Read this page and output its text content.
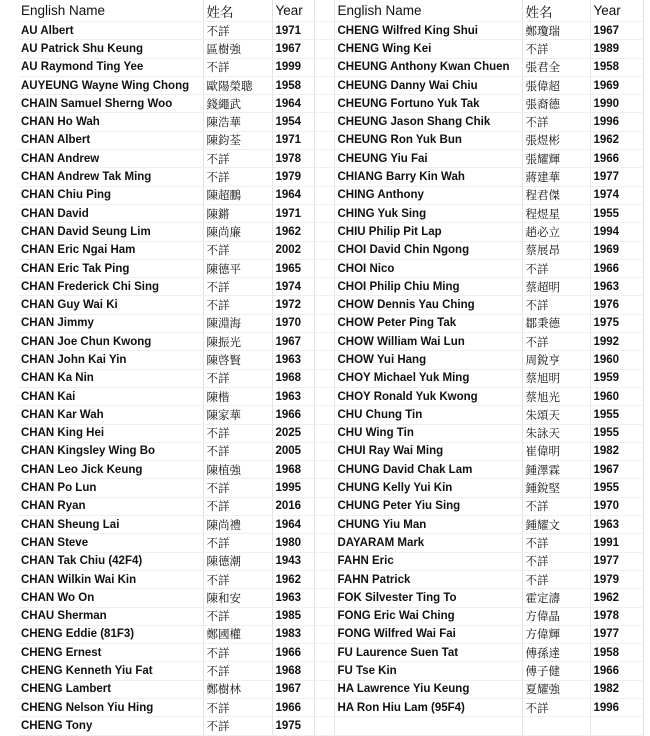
English Name	姓名	Year		English Name	姓名	Year
AU Albert	不詳	1971		CHENG Wilfred King Shui	鄭瓊瑞	1967
AU Patrick Shu Keung	區樹強	1967		CHENG Wing Kei	不詳	1989
AU Raymond Ting Yee	不詳	1999		CHEUNG Anthony Kwan Chuen	張君全	1958
AUYEUNG Wayne Wing Chong	歐陽榮聰	1958		CHEUNG Danny Wai Chiu	張偉超	1969
CHAIN Samuel Sherng Woo	錢繩武	1964		CHEUNG Fortuno Yuk Tak	張裔德	1990
CHAN Ho Wah	陳浩華	1954		CHEUNG Jason Shang Chik	不詳	1996
CHAN Albert	陳鈞荃	1971		CHEUNG Ron Yuk Bun	張煜彬	1962
CHAN Andrew	不詳	1978		CHEUNG Yiu Fai	張耀輝	1966
CHAN Andrew Tak Ming	不詳	1979		CHIANG Barry Kin Wah	蔣建華	1977
CHAN Chiu Ping	陳超鵬	1964		CHING Anthony	程君傑	1974
CHAN David	陳鏘	1971		CHING Yuk Sing	程煜星	1955
CHAN David Seung Lim	陳尚廉	1962		CHIU Philip Pit Lap	趙必立	1994
CHAN Eric Ngai Ham	不詳	2002		CHOI David Chin Ngong	蔡展昂	1969
CHAN Eric Tak Ping	陳德平	1965		CHOI Nico	不詳	1966
CHAN Frederick Chi Sing	不詳	1974		CHOI Philip Chiu Ming	蔡超明	1963
CHAN Guy Wai Ki	不詳	1972		CHOW Dennis Yau Ching	不詳	1976
CHAN Jimmy	陳淵海	1970		CHOW Peter Ping Tak	鄒秉德	1975
CHAN Joe Chun Kwong	陳振光	1967		CHOW William Wai Lun	不詳	1992
CHAN John Kai Yin	陳啓賢	1963		CHOW Yui Hang	周銳亨	1960
CHAN Ka Nin	不詳	1968		CHOY Michael Yuk Ming	蔡旭明	1959
CHAN Kai	陳楷	1963		CHOY Ronald Yuk Kwong	蔡旭光	1960
CHAN Kar Wah	陳家華	1966		CHU Chung Tin	朱頌天	1955
CHAN King Hei	不詳	2025		CHU Wing Tin	朱詠天	1955
CHAN Kingsley Wing Bo	不詳	2005		CHUI Ray Wai Ming	崔偉明	1982
CHAN Leo Jick Keung	陳植強	1968		CHUNG David Chak Lam	鍾澤霖	1967
CHAN Po Lun	不詳	1995		CHUNG Kelly Yui Kin	鍾銳堅	1955
CHAN Ryan	不詳	2016		CHUNG Peter Yiu Sing	不詳	1970
CHAN Sheung Lai	陳尚禮	1964		CHUNG Yiu Man	鍾耀文	1963
CHAN Steve	不詳	1980		DAYARAM Mark	不詳	1991
CHAN Tak Chiu (42F4)	陳德潮	1943		FAHN Eric	不詳	1977
CHAN Wilkin Wai Kin	不詳	1962		FAHN Patrick	不詳	1979
CHAN Wo On	陳和安	1963		FOK Silvester Ting To	霍定濤	1962
CHAU Sherman	不詳	1985		FONG Eric Wai Ching	方偉晶	1978
CHENG Eddie (81F3)	鄭國權	1983		FONG Wilfred Wai Fai	方偉輝	1977
CHENG Ernest	不詳	1966		FU Laurence Suen Tat	傅孫達	1958
CHENG Kenneth Yiu Fat	不詳	1968		FU Tse Kin	傅子健	1966
CHENG Lambert	鄭樹林	1967		HA Lawrence Yiu Keung	夏耀強	1982
CHENG Nelson Yiu Hing	不詳	1966		HA Ron Hiu Lam (95F4)	不詳	1996
CHENG Tony	不詳	1975				
